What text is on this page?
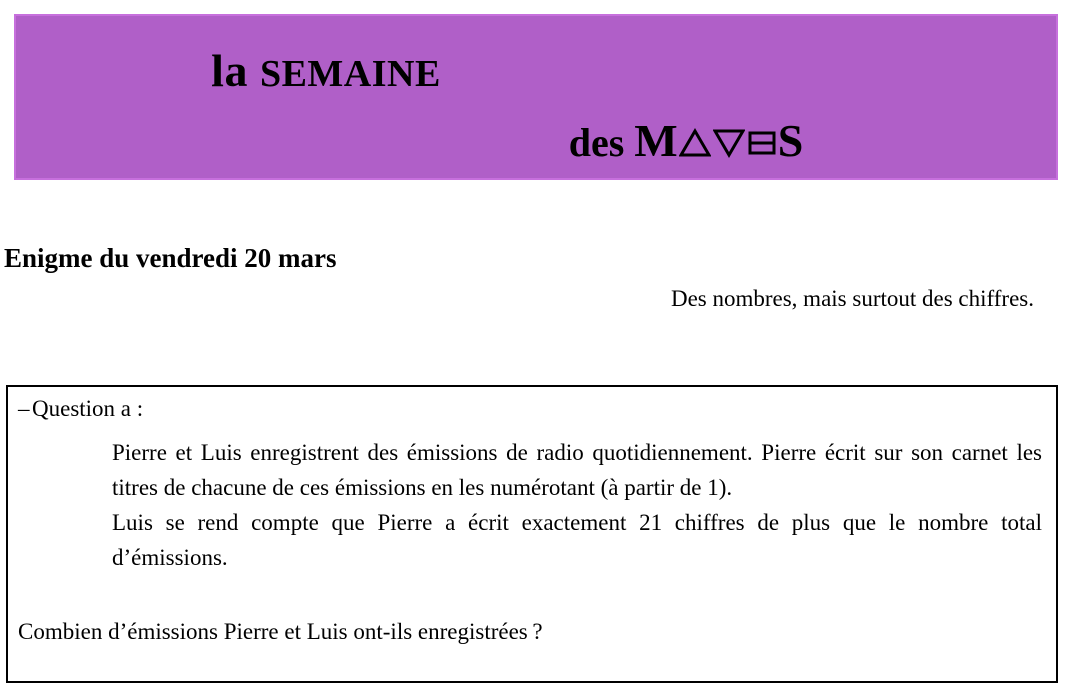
la SEMAINE
des M S
Enigme du vendredi 20 mars
Des nombres, mais surtout des chiffres.
– Question a :

Pierre et Luis enregistrent des émissions de radio quotidiennement. Pierre écrit sur son carnet les titres de chacune de ces émissions en les numérotant (à partir de 1).

Luis se rend compte que Pierre a écrit exactement 21 chiffres de plus que le nombre total d’émissions.

Combien d’émissions Pierre et Luis ont-ils enregistrées ?
